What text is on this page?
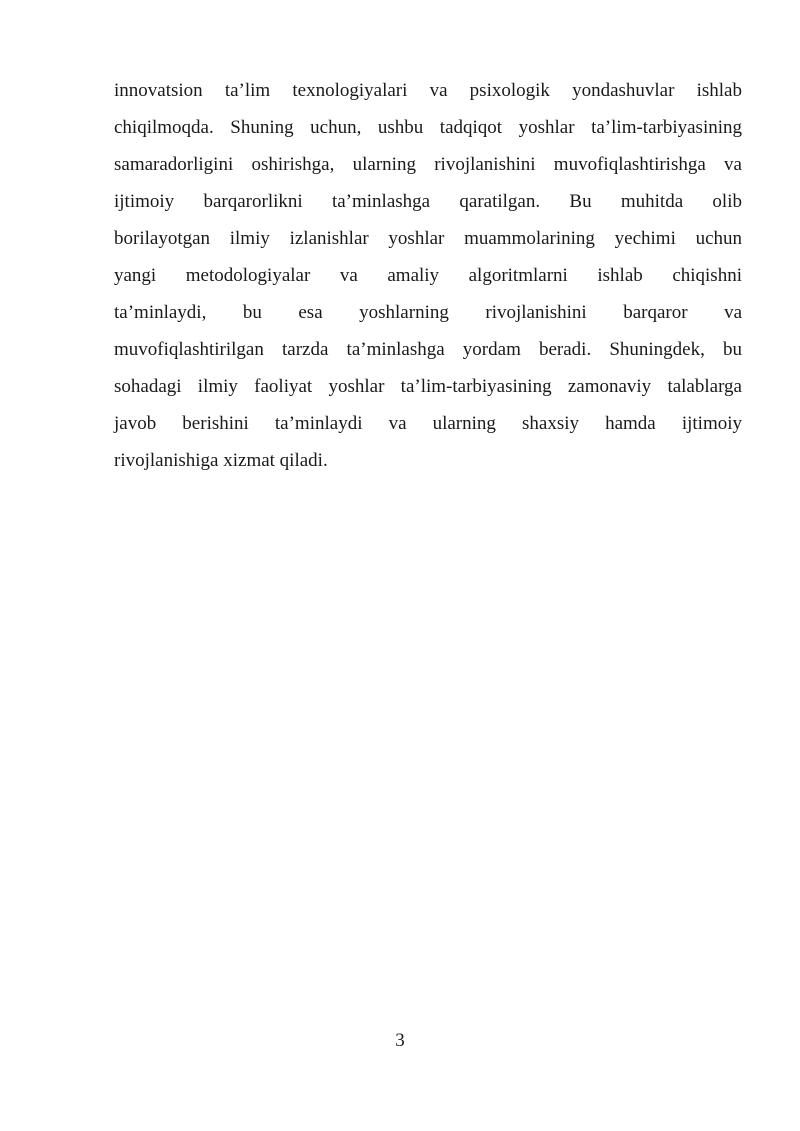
innovatsion ta’lim texnologiyalari va psixologik yondashuvlar ishlab
chiqilmoqda. Shuning uchun, ushbu tadqiqot yoshlar ta’lim-tarbiyasining
samaradorligini oshirishga, ularning rivojlanishini muvofiqlashtirishga va
ijtimoiy barqarorlikni ta’minlashga qaratilgan. Bu muhitda olib
borilayotgan ilmiy izlanishlar yoshlar muammolarining yechimi uchun
yangi metodologiyalar va amaliy algoritmlarni ishlab chiqishni
ta’minlaydi, bu esa yoshlarning rivojlanishini barqaror va
muvofiqlashtirilgan tarzda ta’minlashga yordam beradi. Shuningdek, bu
sohadagi ilmiy faoliyat yoshlar ta’lim-tarbiyasining zamonaviy talablarga
javob berishini ta’minlaydi va ularning shaxsiy hamda ijtimoiy
rivojlanishiga xizmat qiladi.

3
